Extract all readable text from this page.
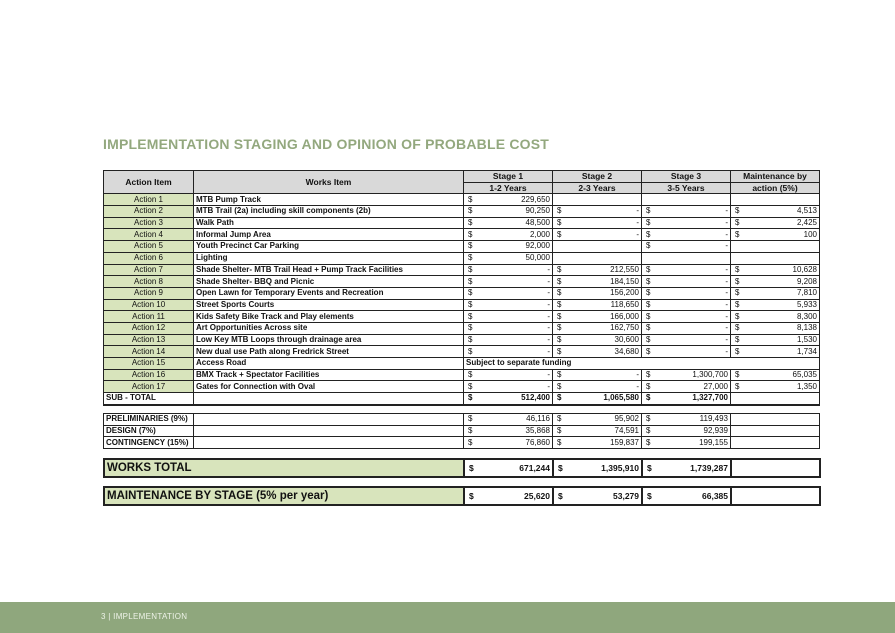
IMPLEMENTATION STAGING AND OPINION OF PROBABLE COST
Action Item	Works Item	Stage 1	Stage 2	Stage 3	Maintenance by
		1-2 Years	2-3 Years	3-5 Years	action (5%)
Action 1	MTB Pump Track	$ 229,650			
Action 2	MTB Trail (2a) including skill components (2b)	$ 90,250	$ -	$ -	$ 4,513
Action 3	Walk Path	$ 48,500	$ -	$ -	$ 2,425
Action 4	Informal Jump Area	$ 2,000	$ -	$ -	$ 100
Action 5	Youth Precinct Car Parking	$ 92,000		$ -	
Action 6	Lighting	$ 50,000			
Action 7	Shade Shelter- MTB Trail Head + Pump Track Facilities	$ -	$ 212,550	$ -	$ 10,628
Action 8	Shade Shelter- BBQ and Picnic	$ -	$ 184,150	$ -	$ 9,208
Action 9	Open Lawn for Temporary Events and Recreation	$ -	$ 156,200	$ -	$ 7,810
Action 10	Street Sports Courts	$ -	$ 118,650	$ -	$ 5,933
Action 11	Kids Safety Bike Track and Play elements	$ -	$ 166,000	$ -	$ 8,300
Action 12	Art Opportunities Across site	$ -	$ 162,750	$ -	$ 8,138
Action 13	Low Key MTB Loops through drainage area	$ -	$ 30,600	$ -	$ 1,530
Action 14	New dual use Path along Fredrick Street	$ -	$ 34,680	$ -	$ 1,734
Action 15	Access Road	Subject to separate funding			
Action 16	BMX Track + Spectator Facilities	$ -	$ -	$ 1,300,700	$ 65,035
Action 17	Gates for Connection with Oval	$ -	$ -	$ 27,000	$ 1,350
SUB - TOTAL		$ 512,400	$ 1,065,580	$ 1,327,700	
PRELIMINARIES (9%)		$ 46,116	$ 95,902	$ 119,493	
DESIGN (7%)		$ 35,868	$ 74,591	$ 92,939	
CONTINGENCY (15%)		$ 76,860	$ 159,837	$ 199,155	
WORKS TOTAL	$	671,244	$	1,395,910	$	1,739,287	
MAINTENANCE BY STAGE (5% per year)	$	25,620	$	53,279	$	66,385	
3 | IMPLEMENTATION
